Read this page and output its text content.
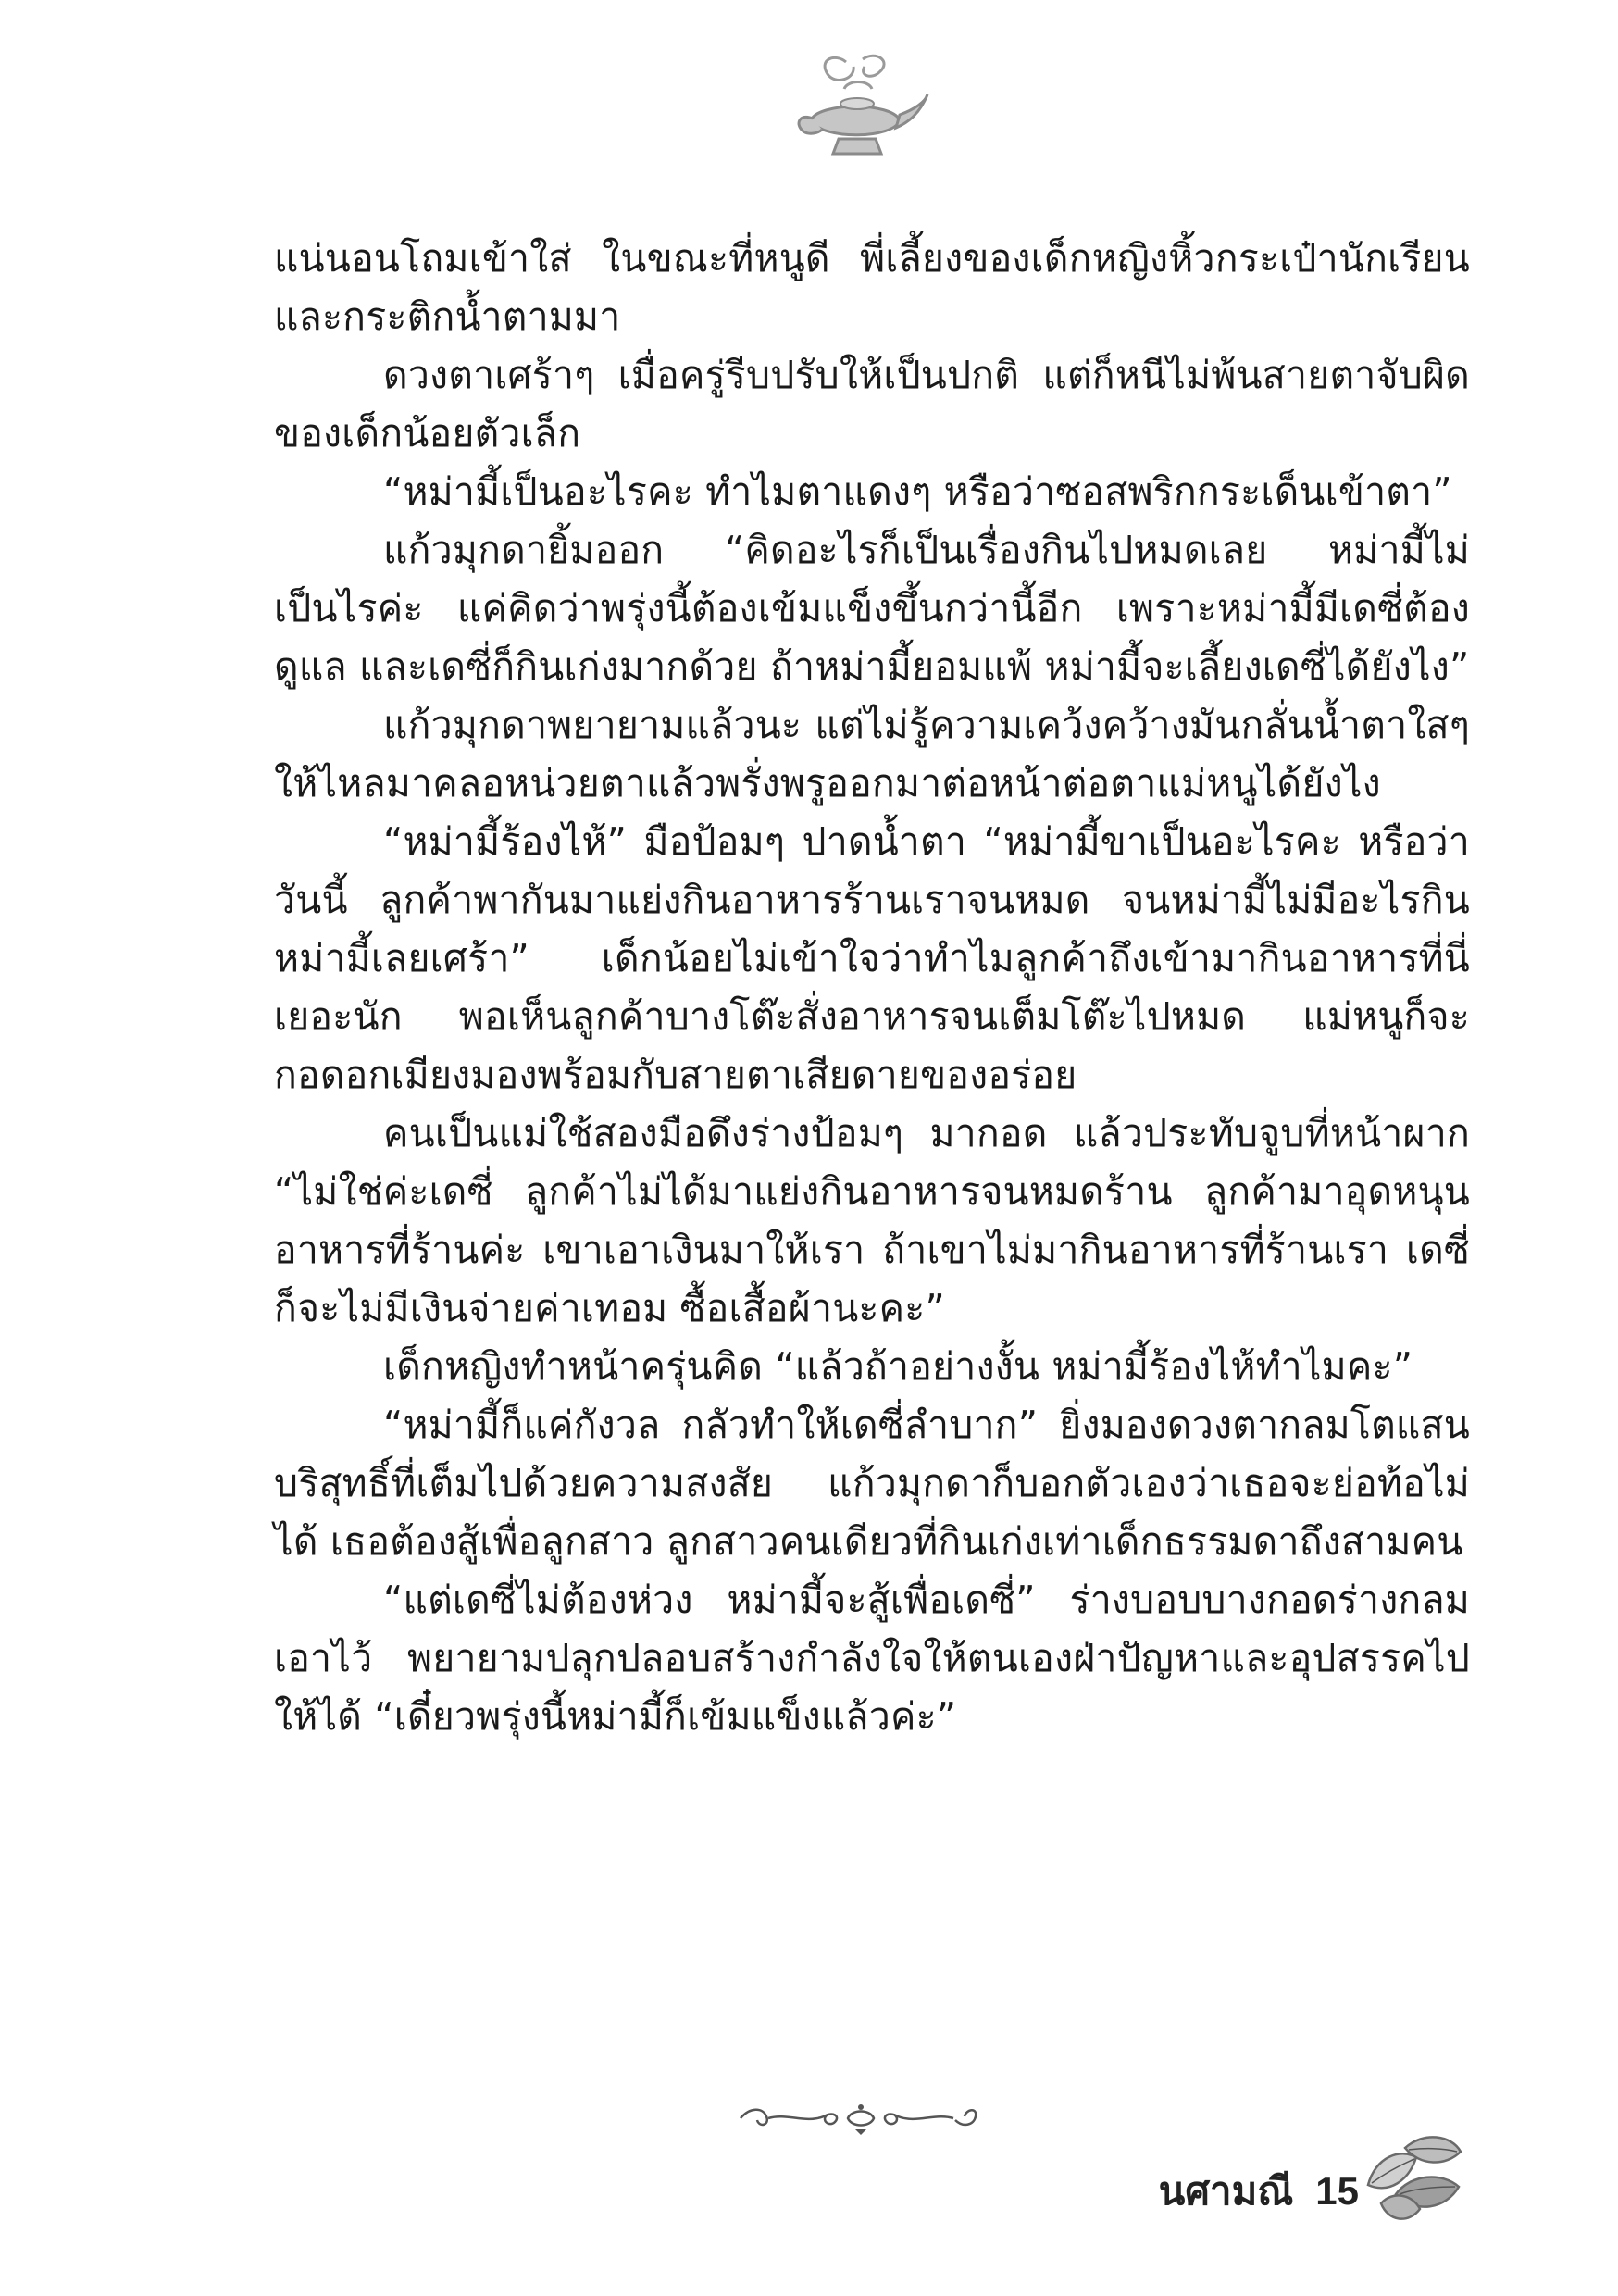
แน่นอนโถมเข้าใส่ ในขณะที่หนูดี พี่เลี้ยงของเด็กหญิงหิ้วกระเป๋านักเรียนและกระติกน้ำตามมา

ดวงตาเศร้าๆ เมื่อครู่รีบปรับให้เป็นปกติ แต่ก็หนีไม่พ้นสายตาจับผิดของเด็กน้อยตัวเล็ก

“หม่ามี้เป็นอะไรคะ ทำไมตาแดงๆ หรือว่าซอสพริกกระเด็นเข้าตา”

แก้วมุกดายิ้มออก “คิดอะไรก็เป็นเรื่องกินไปหมดเลย หม่ามี้ไม่เป็นไรค่ะ แค่คิดว่าพรุ่งนี้ต้องเข้มแข็งขึ้นกว่านี้อีก เพราะหม่ามี้มีเดซี่ต้องดูแล และเดซี่ก็กินเก่งมากด้วย ถ้าหม่ามี้ยอมแพ้ หม่ามี้จะเลี้ยงเดซี่ได้ยังไง”

แก้วมุกดาพยายามแล้วนะ แต่ไม่รู้ความเคว้งคว้างมันกลั่นน้ำตาใสๆ ให้ไหลมาคลอหน่วยตาแล้วพรั่งพรูออกมาต่อหน้าต่อตาแม่หนูได้ยังไง

“หม่ามี้ร้องไห้” มือป้อมๆ ปาดน้ำตา “หม่ามี้ขาเป็นอะไรคะ หรือว่าวันนี้ ลูกค้าพากันมาแย่งกินอาหารร้านเราจนหมด จนหม่ามี้ไม่มีอะไรกิน หม่ามี้เลยเศร้า” เด็กน้อยไม่เข้าใจว่าทำไมลูกค้าถึงเข้ามากินอาหารที่นี่เยอะนัก พอเห็นลูกค้าบางโต๊ะสั่งอาหารจนเต็มโต๊ะไปหมด แม่หนูก็จะกอดอกเมียงมองพร้อมกับสายตาเสียดายของอร่อย

คนเป็นแม่ใช้สองมือดึงร่างป้อมๆ มากอด แล้วประทับจูบที่หน้าผาก “ไม่ใช่ค่ะเดซี่ ลูกค้าไม่ได้มาแย่งกินอาหารจนหมดร้าน ลูกค้ามาอุดหนุนอาหารที่ร้านค่ะ เขาเอาเงินมาให้เรา ถ้าเขาไม่มากินอาหารที่ร้านเรา เดซี่ก็จะไม่มีเงินจ่ายค่าเทอม ซื้อเสื้อผ้านะคะ”

เด็กหญิงทำหน้าครุ่นคิด “แล้วถ้าอย่างงั้น หม่ามี้ร้องไห้ทำไมคะ”

“หม่ามี้ก็แค่กังวล กลัวทำให้เดซี่ลำบาก” ยิ่งมองดวงตากลมโตแสนบริสุทธิ์ที่เต็มไปด้วยความสงสัย แก้วมุกดาก็บอกตัวเองว่าเธอจะย่อท้อไม่ได้ เธอต้องสู้เพื่อลูกสาว ลูกสาวคนเดียวที่กินเก่งเท่าเด็กธรรมดาถึงสามคน

“แต่เดซี่ไม่ต้องห่วง หม่ามี้จะสู้เพื่อเดซี่” ร่างบอบบางกอดร่างกลมเอาไว้ พยายามปลุกปลอบสร้างกำลังใจให้ตนเองฝ่าปัญหาและอุปสรรคไปให้ได้ “เดี๋ยวพรุ่งนี้หม่ามี้ก็เข้มแข็งแล้วค่ะ”

นศามณี 15
